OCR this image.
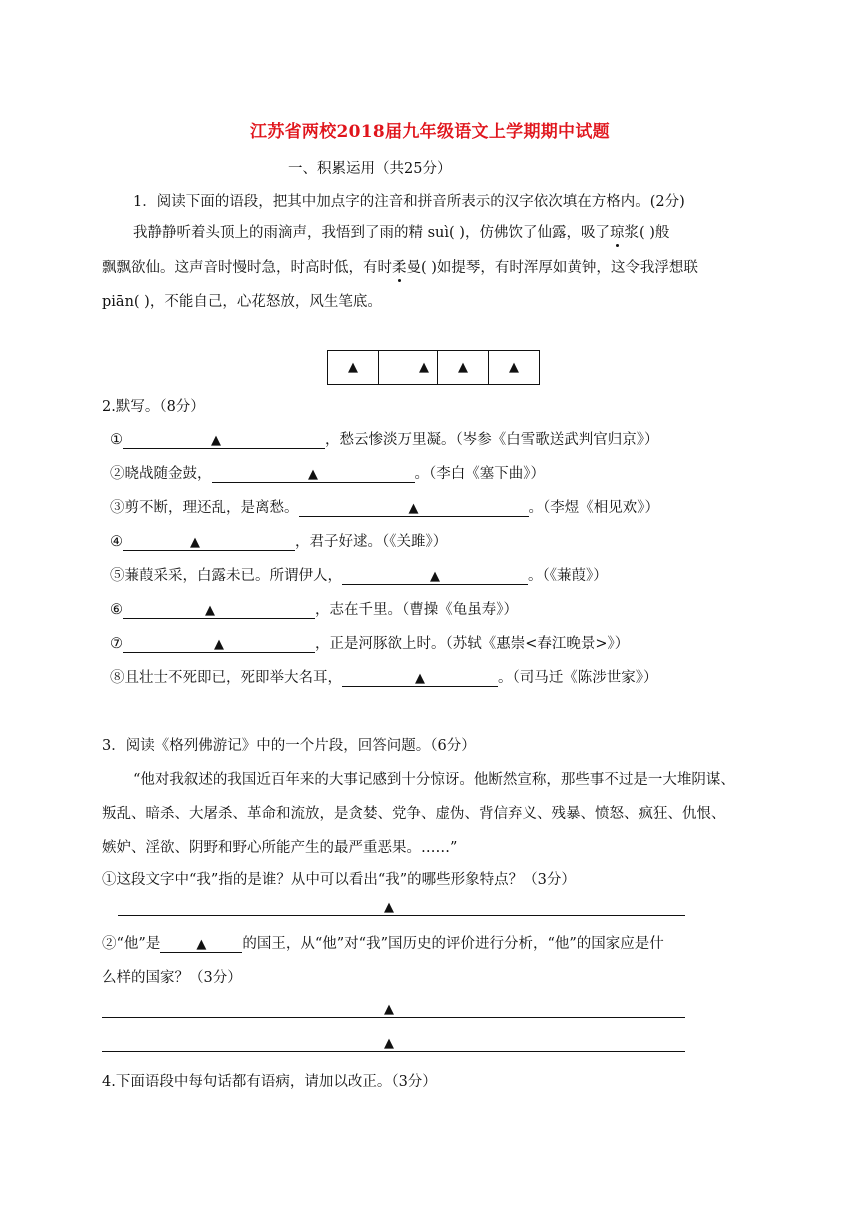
江苏省两校2018届九年级语文上学期期中试题
一、积累运用（共25分）
1．阅读下面的语段，把其中加点字的注音和拼音所表示的汉字依次填在方格内。(2分)
我静静听着头顶上的雨滴声，我悟到了雨的精 suì( )，仿佛饮了仙露，吸了琼浆( )般
飘飘欲仙。这声音时慢时急，时高时低，有时柔曼( )如提琴，有时浑厚如黄钟，这令我浮想联
piān( )，不能自己，心花怒放，风生笔底。
▲	▲	▲	▲
2.默写。（8分）
①	▲	，愁云惨淡万里凝。（岑参《白雪歌送武判官归京》）
②晓战随金鼓，	▲	。（李白《塞下曲》）
③剪不断，理还乱，是离愁。	▲	。（李煜《相见欢》）
④	▲	，君子好逑。（《关雎》）
⑤蒹葭采采，白露未已。所谓伊人，	▲	。（《蒹葭》）
⑥	▲	，志在千里。（曹操《龟虽寿》）
⑦	▲	，正是河豚欲上时。（苏轼《惠崇<春江晚景>》）
⑧且壮士不死即已，死即举大名耳，	▲	。（司马迁《陈涉世家》）
3．阅读《格列佛游记》中的一个片段，回答问题。（6分）
“他对我叙述的我国近百年来的大事记感到十分惊讶。他断然宣称，那些事不过是一大堆阴谋、
叛乱、暗杀、大屠杀、革命和流放，是贪婪、党争、虚伪、背信弃义、残暴、愤怒、疯狂、仇恨、
嫉妒、淫欲、阴野和野心所能产生的最严重恶果。……”
①这段文字中“我”指的是谁？从中可以看出“我”的哪些形象特点？（3分）
▲
②“他”是	▲ 的国王，从“他”对“我”国历史的评价进行分析，“他”的国家应是什
么样的国家？（3分）
▲
▲
4.下面语段中每句话都有语病，请加以改正。（3分）
